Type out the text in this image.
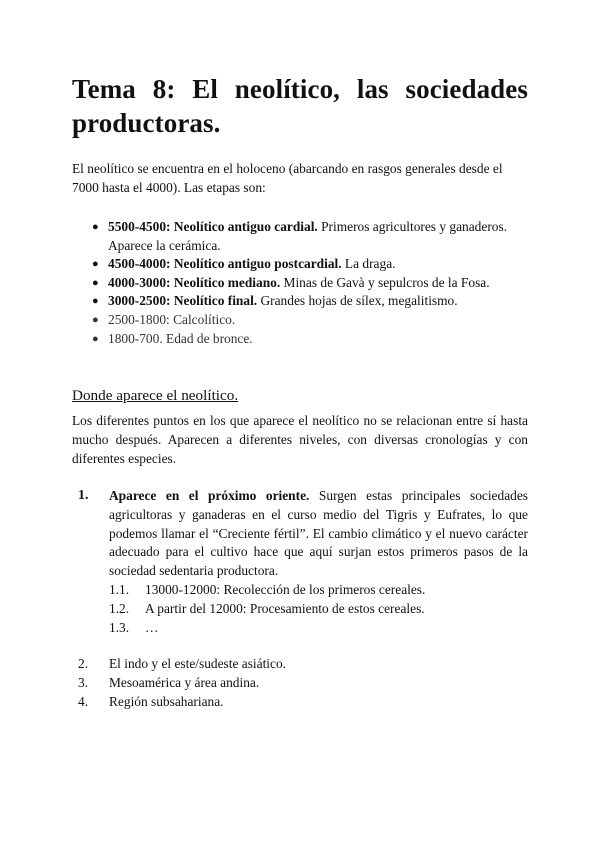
Tema 8: El neolítico, las sociedades
productoras.

El neolítico se encuentra en el holoceno (abarcando en rasgos generales desde el 7000 hasta el 4000). Las etapas son:

● 5500-4500: Neolítico antiguo cardial. Primeros agricultores y ganaderos. Aparece la cerámica.
● 4500-4000: Neolítico antiguo postcardial. La draga.
● 4000-3000: Neolítico mediano. Minas de Gavà y sepulcros de la Fosa.
● 3000-2500: Neolítico final. Grandes hojas de sílex, megalitismo.
● 2500-1800: Calcolítico.
● 1800-700. Edad de bronce.
Donde aparece el neolítico.

Los diferentes puntos en los que aparece el neolítico no se relacionan entre sí hasta mucho después. Aparecen a diferentes niveles, con diversas cronologías y con diferentes especies.

1. Aparece en el próximo oriente. Surgen estas principales sociedades agricultoras y ganaderas en el curso medio del Tigris y Eufrates, lo que podemos llamar el “Creciente fértil”. El cambio climático y el nuevo carácter adecuado para el cultivo hace que aquí surjan estos primeros pasos de la sociedad sedentaria productora.
1.1. 13000-12000: Recolección de los primeros cereales.
1.2. A partir del 12000: Procesamiento de estos cereales.
1.3. …
2. El indo y el este/sudeste asiático.
3. Mesoamérica y área andina.
4. Región subsahariana.
